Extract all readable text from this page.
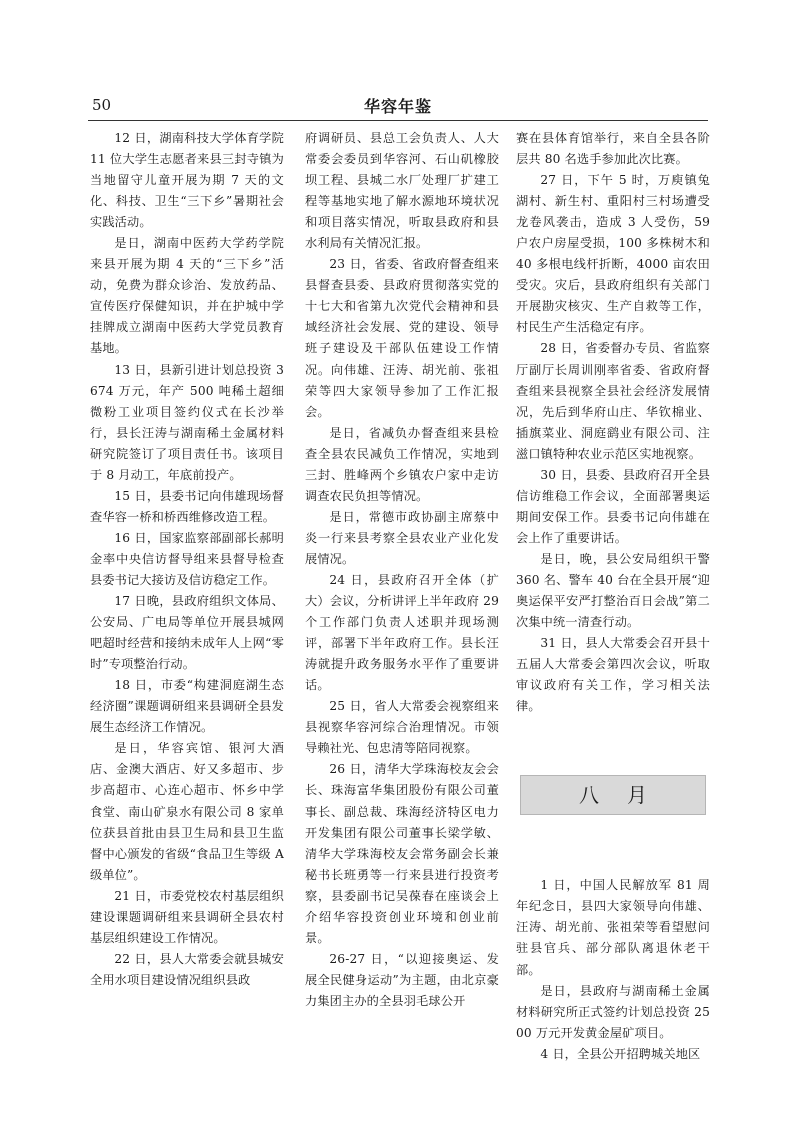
50	华容年鉴

12 日，湖南科技大学体育学院 11 位大学生志愿者来县三封寺镇为当地留守儿童开展为期 7 天的文化、科技、卫生“三下乡”暑期社会实践活动。

是日，湖南中医药大学药学院来县开展为期 4 天的“三下乡”活动，免费为群众诊治、发放药品、宣传医疗保健知识，并在护城中学挂牌成立湖南中医药大学党员教育基地。

13 日，县新引进计划总投资 3674 万元，年产 500 吨稀土超细微粉工业项目签约仪式在长沙举行，县长汪涛与湖南稀土金属材料研究院签订了项目责任书。该项目于 8 月动工，年底前投产。

15 日，县委书记向伟雄现场督查华容一桥和桥西维修改造工程。

16 日，国家监察部副部长郝明金率中央信访督导组来县督导检查县委书记大接访及信访稳定工作。

17 日晚，县政府组织文体局、公安局、广电局等单位开展县城网吧超时经营和接纳未成年人上网“零时”专项整治行动。

18 日，市委“构建洞庭湖生态经济圈”课题调研组来县调研全县发展生态经济工作情况。

是日，华容宾馆、银河大酒店、金澳大酒店、好又多超市、步步高超市、心连心超市、怀乡中学食堂、南山矿泉水有限公司 8 家单位获县首批由县卫生局和县卫生监督中心颁发的省级“食品卫生等级 A 级单位”。

21 日，市委党校农村基层组织建设课题调研组来县调研全县农村基层组织建设工作情况。

22 日，县人大常委会就县城安全用水项目建设情况组织县政

府调研员、县总工会负责人、人大常委会委员到华容河、石山矶橡胶坝工程、县城二水厂处理厂扩建工程等基地实地了解水源地环境状况和项目落实情况，听取县政府和县水利局有关情况汇报。

23 日，省委、省政府督查组来县督查县委、县政府贯彻落实党的十七大和省第九次党代会精神和县域经济社会发展、党的建设、领导班子建设及干部队伍建设工作情况。向伟雄、汪涛、胡光前、张祖荣等四大家领导参加了工作汇报会。

是日，省减负办督查组来县检查全县农民减负工作情况，实地到三封、胜峰两个乡镇农户家中走访调查农民负担等情况。

是日，常德市政协副主席蔡中炎一行来县考察全县农业产业化发展情况。

24 日，县政府召开全体（扩大）会议，分析讲评上半年政府 29 个工作部门负责人述职并现场测评，部署下半年政府工作。县长汪涛就提升政务服务水平作了重要讲话。

25 日，省人大常委会视察组来县视察华容河综合治理情况。市领导赖社光、包忠清等陪同视察。

26 日，清华大学珠海校友会会长、珠海富华集团股份有限公司董事长、副总裁、珠海经济特区电力开发集团有限公司董事长梁学敏、清华大学珠海校友会常务副会长兼秘书长班勇等一行来县进行投资考察，县委副书记吴葆春在座谈会上介绍华容投资创业环境和创业前景。

26-27 日，“以迎接奥运、发展全民健身运动”为主题，由北京豪力集团主办的全县羽毛球公开

赛在县体育馆举行，来自全县各阶层共 80 名选手参加此次比赛。

27 日，下午 5 时，万庾镇兔湖村、新生村、重阳村三村场遭受龙卷风袭击，造成 3 人受伤，59 户农户房屋受损，100 多株树木和 40 多根电线杆折断，4000 亩农田受灾。灾后，县政府组织有关部门开展勘灾核灾、生产自救等工作，村民生产生活稳定有序。

28 日，省委督办专员、省监察厅副厅长周训刚率省委、省政府督查组来县视察全县社会经济发展情况，先后到华府山庄、华钦棉业、插旗菜业、洞庭鹞业有限公司、注滋口镇特种农业示范区实地视察。

30 日，县委、县政府召开全县信访维稳工作会议，全面部署奥运期间安保工作。县委书记向伟雄在会上作了重要讲话。

是日，晚，县公安局组织干警 360 名、警车 40 台在全县开展“迎奥运保平安严打整治百日会战”第二次集中统一清查行动。

31 日，县人大常委会召开县十五届人大常委会第四次会议，听取审议政府有关工作，学习相关法律。

八月

1 日，中国人民解放军 81 周年纪念日，县四大家领导向伟雄、汪涛、胡光前、张祖荣等看望慰问驻县官兵、部分部队离退休老干部。

是日，县政府与湖南稀土金属材料研究所正式签约计划总投资 2500 万元开发黄金屋矿项目。

4 日，全县公开招聘城关地区
